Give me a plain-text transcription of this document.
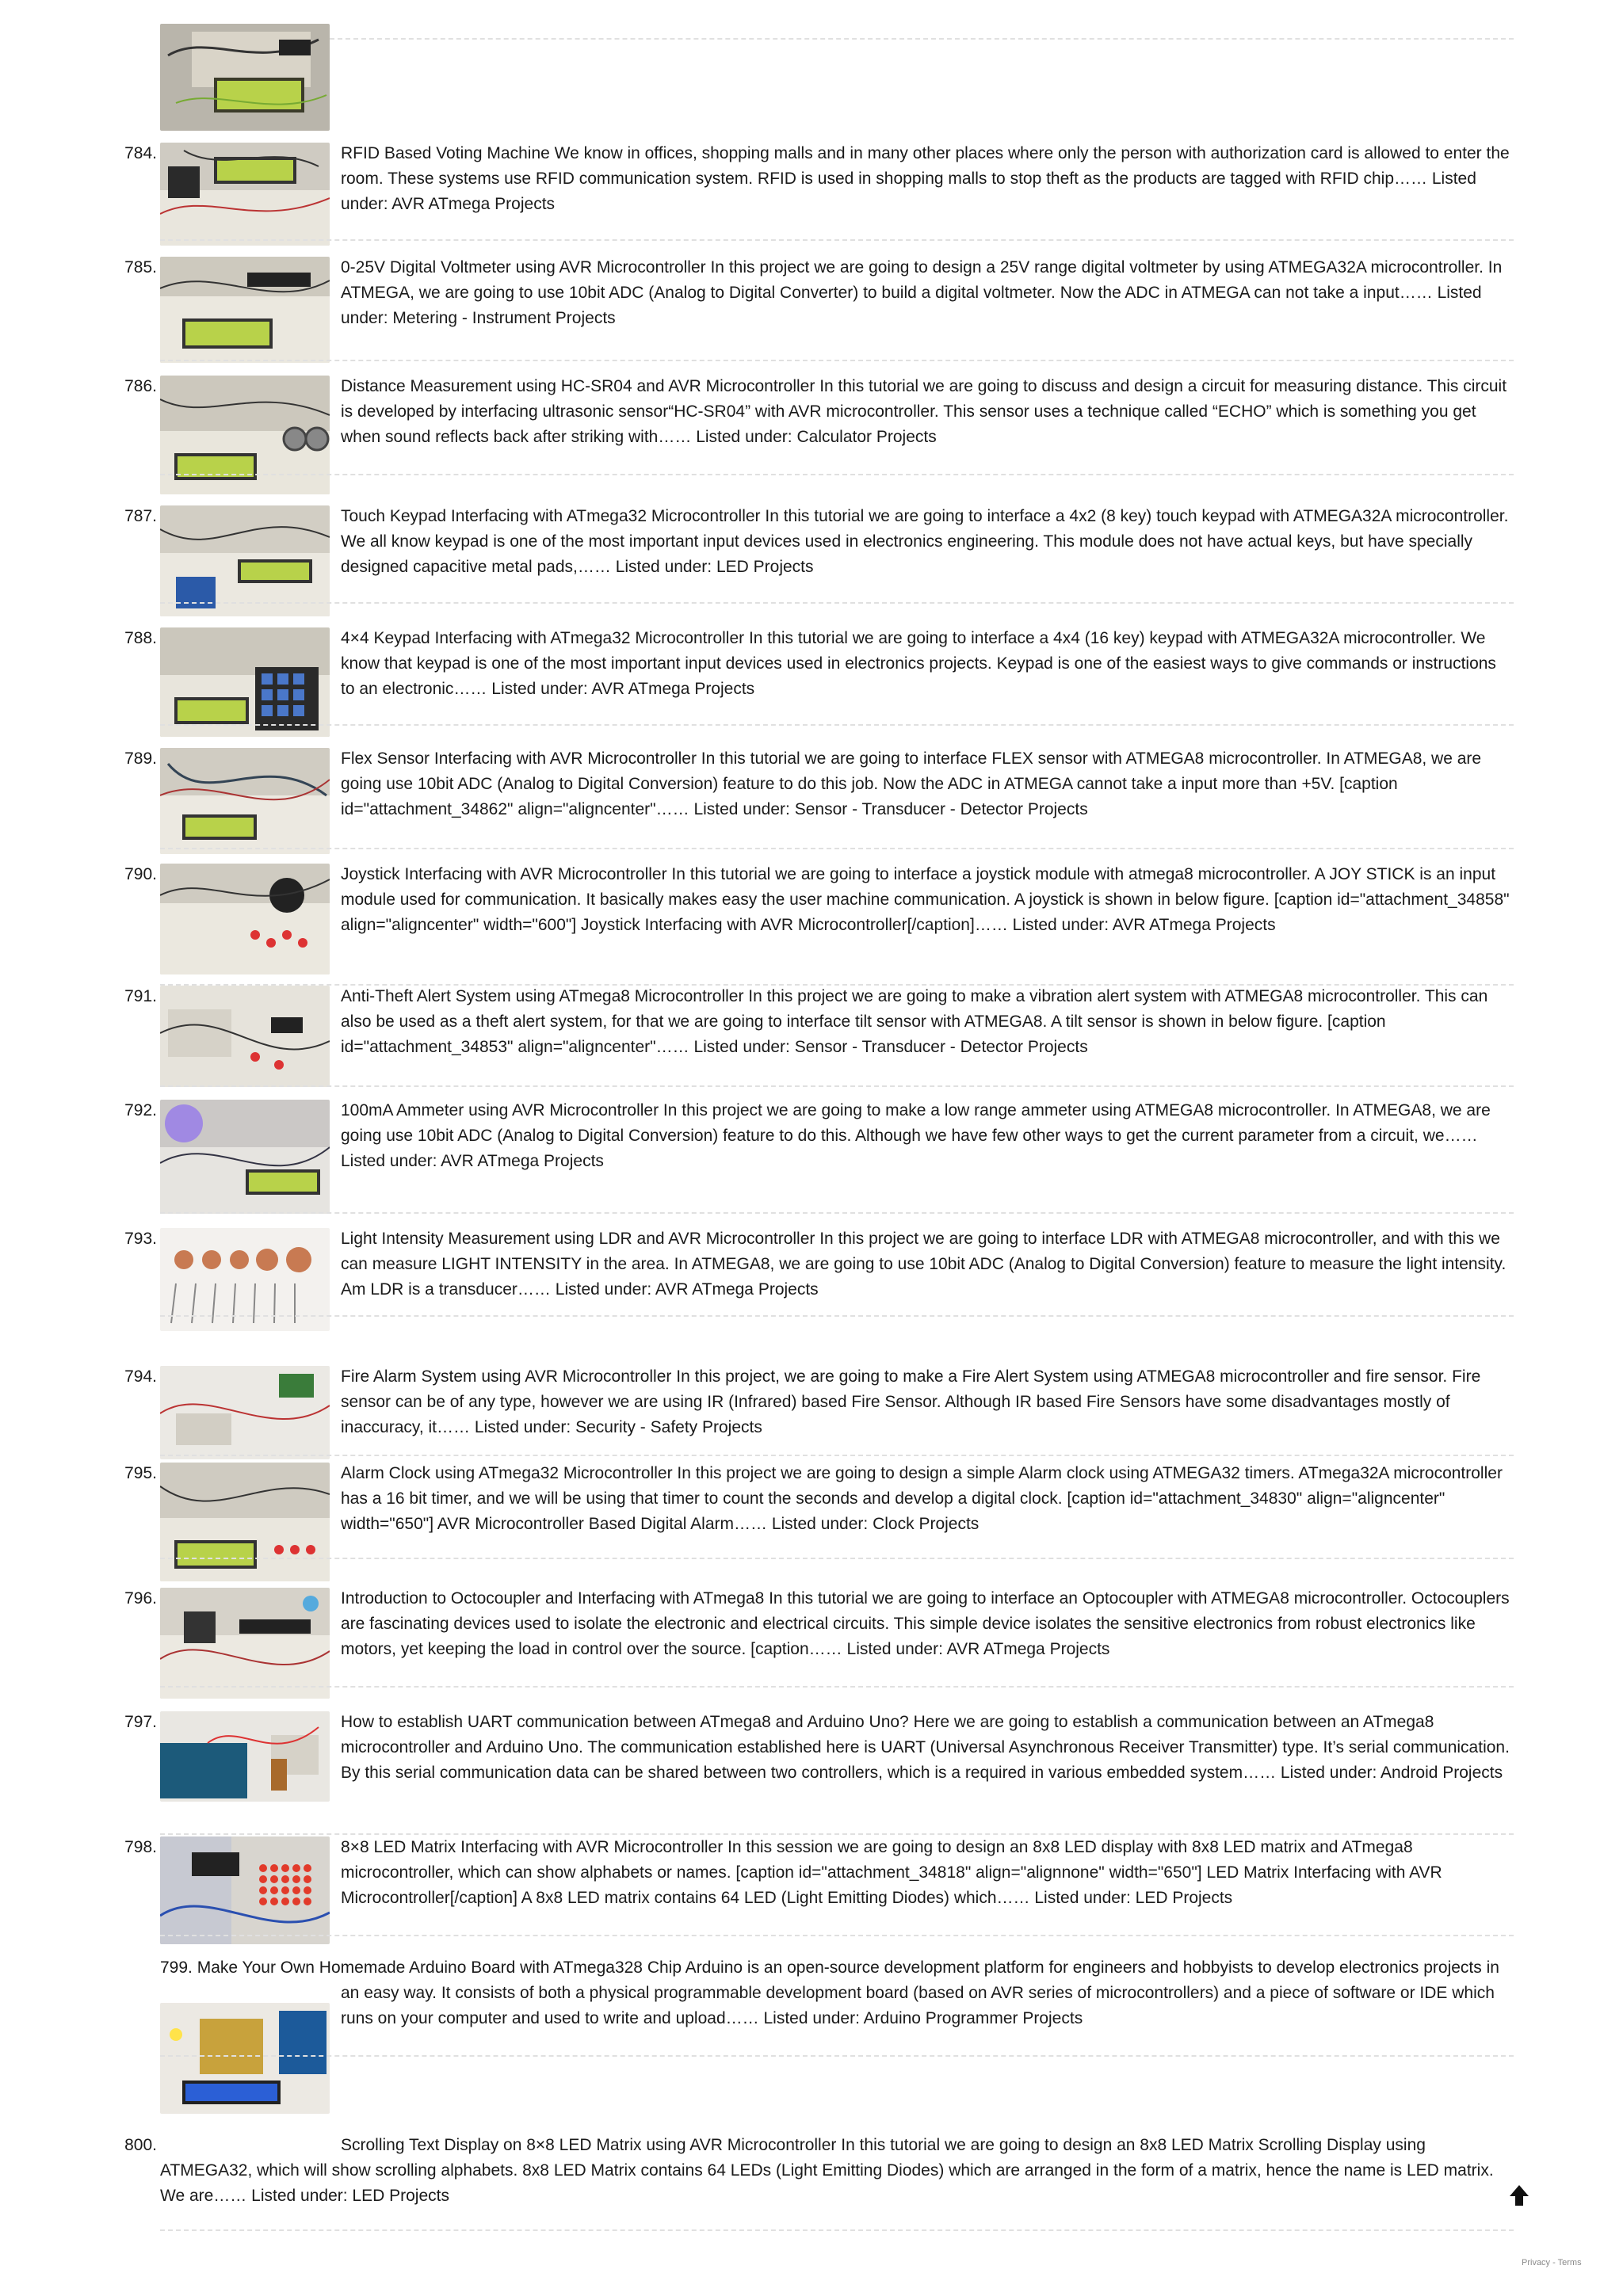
784.	RFID Based Voting Machine We know in offices, shopping malls and in many other places where only the person with authorization card is allowed to enter the room. These systems use RFID communication system. RFID is used in shopping malls to stop theft as the products are tagged with RFID chip…… Listed under: AVR ATmega Projects
785.	0-25V Digital Voltmeter using AVR Microcontroller In this project we are going to design a 25V range digital voltmeter by using ATMEGA32A microcontroller. In ATMEGA, we are going to use 10bit ADC (Analog to Digital Converter) to build a digital voltmeter. Now the ADC in ATMEGA can not take a input…… Listed under: Metering - Instrument Projects
786.	Distance Measurement using HC-SR04 and AVR Microcontroller In this tutorial we are going to discuss and design a circuit for measuring distance. This circuit is developed by interfacing ultrasonic sensor“HC-SR04” with AVR microcontroller. This sensor uses a technique called “ECHO” which is something you get when sound reflects back after striking with…… Listed under: Calculator Projects
787.	Touch Keypad Interfacing with ATmega32 Microcontroller In this tutorial we are going to interface a 4x2 (8 key) touch keypad with ATMEGA32A microcontroller. We all know keypad is one of the most important input devices used in electronics engineering. This module does not have actual keys, but have specially designed capacitive metal pads,…… Listed under: LED Projects
788.	4×4 Keypad Interfacing with ATmega32 Microcontroller In this tutorial we are going to interface a 4x4 (16 key) keypad with ATMEGA32A microcontroller. We know that keypad is one of the most important input devices used in electronics projects. Keypad is one of the easiest ways to give commands or instructions to an electronic…… Listed under: AVR ATmega Projects
789.	Flex Sensor Interfacing with AVR Microcontroller In this tutorial we are going to interface FLEX sensor with ATMEGA8 microcontroller. In ATMEGA8, we are going use 10bit ADC (Analog to Digital Conversion) feature to do this job. Now the ADC in ATMEGA cannot take a input more than +5V. [caption id="attachment_34862" align="aligncenter"…… Listed under: Sensor - Transducer - Detector Projects
790.	Joystick Interfacing with AVR Microcontroller In this tutorial we are going to interface a joystick module with atmega8 microcontroller. A JOY STICK is an input module used for communication. It basically makes easy the user machine communication. A joystick is shown in below figure. [caption id="attachment_34858" align="aligncenter" width="600"] Joystick Interfacing with AVR Microcontroller[/caption]…… Listed under: AVR ATmega Projects
791.	Anti-Theft Alert System using ATmega8 Microcontroller In this project we are going to make a vibration alert system with ATMEGA8 microcontroller. This can also be used as a theft alert system, for that we are going to interface tilt sensor with ATMEGA8. A tilt sensor is shown in below figure. [caption id="attachment_34853" align="aligncenter"…… Listed under: Sensor - Transducer - Detector Projects
792.	100mA Ammeter using AVR Microcontroller In this project we are going to make a low range ammeter using ATMEGA8 microcontroller. In ATMEGA8, we are going use 10bit ADC (Analog to Digital Conversion) feature to do this. Although we have few other ways to get the current parameter from a circuit, we…… Listed under: AVR ATmega Projects
793.	Light Intensity Measurement using LDR and AVR Microcontroller In this project we are going to interface LDR with ATMEGA8 microcontroller, and with this we can measure LIGHT INTENSITY in the area. In ATMEGA8, we are going to use 10bit ADC (Analog to Digital Conversion) feature to measure the light intensity. Am LDR is a transducer…… Listed under: AVR ATmega Projects
794.	Fire Alarm System using AVR Microcontroller In this project, we are going to make a Fire Alert System using ATMEGA8 microcontroller and fire sensor. Fire sensor can be of any type, however we are using IR (Infrared) based Fire Sensor. Although IR based Fire Sensors have some disadvantages mostly of inaccuracy, it…… Listed under: Security - Safety Projects
795.	Alarm Clock using ATmega32 Microcontroller In this project we are going to design a simple Alarm clock using ATMEGA32 timers. ATmega32A microcontroller has a 16 bit timer, and we will be using that timer to count the seconds and develop a digital clock. [caption id="attachment_34830" align="aligncenter" width="650"] AVR Microcontroller Based Digital Alarm…… Listed under: Clock Projects
796.	Introduction to Octocoupler and Interfacing with ATmega8 In this tutorial we are going to interface an Optocoupler with ATMEGA8 microcontroller. Octocouplers are fascinating devices used to isolate the electronic and electrical circuits. This simple device isolates the sensitive electronics from robust electronics like motors, yet keeping the load in control over the source. [caption…… Listed under: AVR ATmega Projects
797.	How to establish UART communication between ATmega8 and Arduino Uno? Here we are going to establish a communication between an ATmega8 microcontroller and Arduino Uno. The communication established here is UART (Universal Asynchronous Receiver Transmitter) type. It’s serial communication. By this serial communication data can be shared between two controllers, which is a required in various embedded system…… Listed under: Android Projects
798.	8×8 LED Matrix Interfacing with AVR Microcontroller In this session we are going to design an 8x8 LED display with 8x8 LED matrix and ATmega8 microcontroller, which can show alphabets or names. [caption id="attachment_34818" align="alignnone" width="650"] LED Matrix Interfacing with AVR Microcontroller[/caption] A 8x8 LED matrix contains 64 LED (Light Emitting Diodes) which…… Listed under: LED Projects
799. Make Your Own Homemade Arduino Board with ATmega328 Chip Arduino is an open-source development platform for engineers and hobbyists to develop electronics projects in an easy way. It consists of both a physical programmable development board (based on AVR series of microcontrollers) and a piece of software or IDE which runs on your computer and used to write and upload…… Listed under: Arduino Programmer Projects
800.	Scrolling Text Display on 8×8 LED Matrix using AVR Microcontroller In this tutorial we are going to design an 8x8 LED Matrix Scrolling Display using ATMEGA32, which will show scrolling alphabets. 8x8 LED Matrix contains 64 LEDs (Light Emitting Diodes) which are arranged in the form of a matrix, hence the name is LED matrix. We are…… Listed under: LED Projects
Privacy - Terms
